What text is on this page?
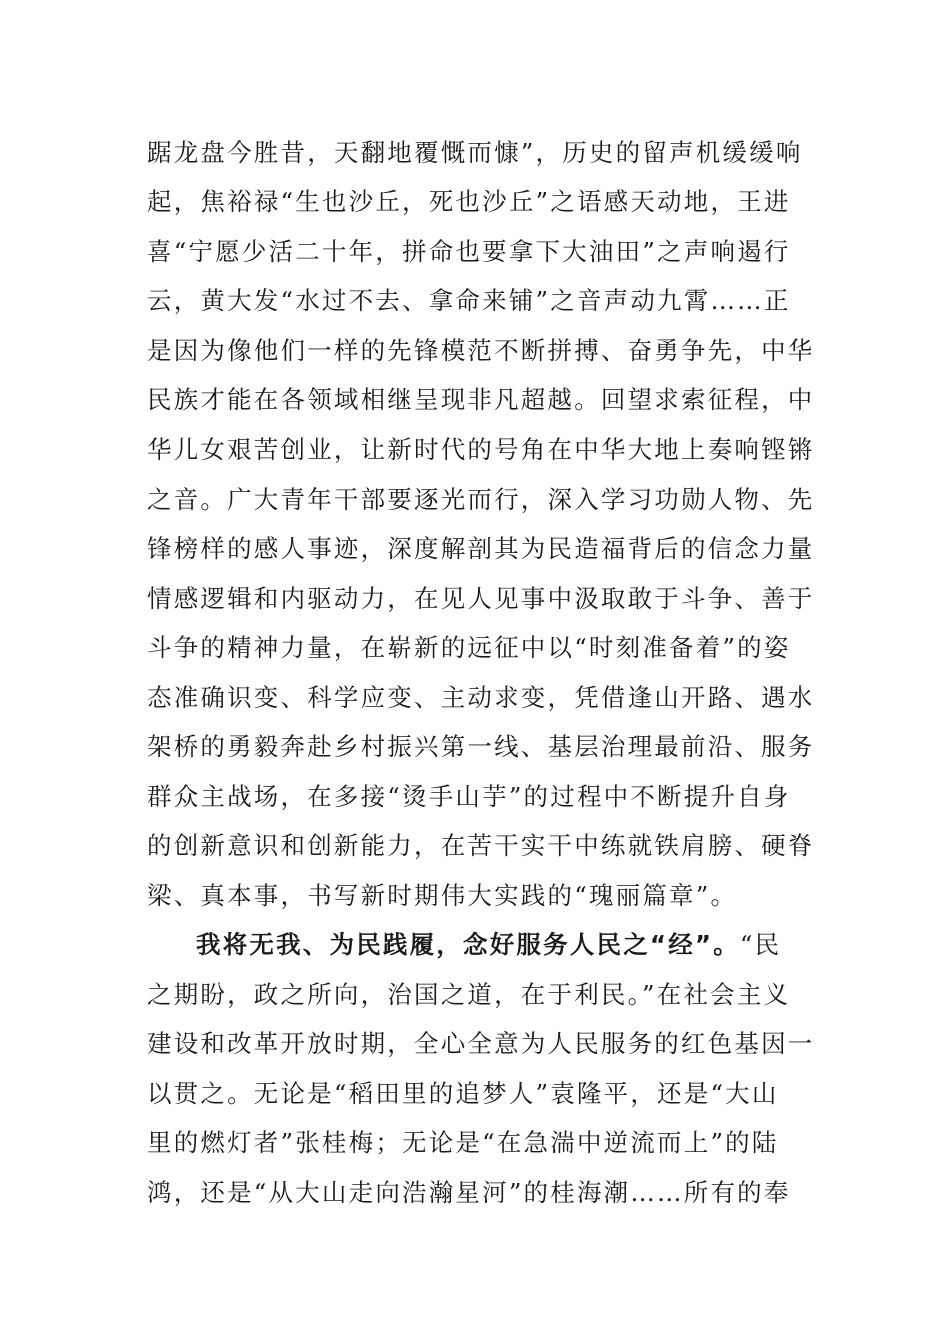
踞龙盘今胜昔，天翻地覆慨而慷”，历史的留声机缓缓响
起，焦裕禄“生也沙丘，死也沙丘”之语感天动地，王进
喜“宁愿少活二十年，拼命也要拿下大油田”之声响遏行
云，黄大发“水过不去、拿命来铺”之音声动九霄……正
是因为像他们一样的先锋模范不断拼搏、奋勇争先，中华
民族才能在各领域相继呈现非凡超越。回望求索征程，中
华儿女艰苦创业，让新时代的号角在中华大地上奏响铿锵
之音。广大青年干部要逐光而行，深入学习功勋人物、先
锋榜样的感人事迹，深度解剖其为民造福背后的信念力量
情感逻辑和内驱动力，在见人见事中汲取敢于斗争、善于
斗争的精神力量，在崭新的远征中以“时刻准备着”的姿
态准确识变、科学应变、主动求变，凭借逢山开路、遇水
架桥的勇毅奔赴乡村振兴第一线、基层治理最前沿、服务
群众主战场，在多接“烫手山芋”的过程中不断提升自身
的创新意识和创新能力，在苦干实干中练就铁肩膀、硬脊
梁、真本事，书写新时期伟大实践的“瑰丽篇章”。
我将无我、为民践履，念好服务人民之“经”。“民
之期盼，政之所向，治国之道，在于利民。”在社会主义
建设和改革开放时期，全心全意为人民服务的红色基因一
以贯之。无论是“稻田里的追梦人”袁隆平，还是“大山
里的燃灯者”张桂梅；无论是“在急湍中逆流而上”的陆
鸿，还是“从大山走向浩瀚星河”的桂海潮……所有的奉
